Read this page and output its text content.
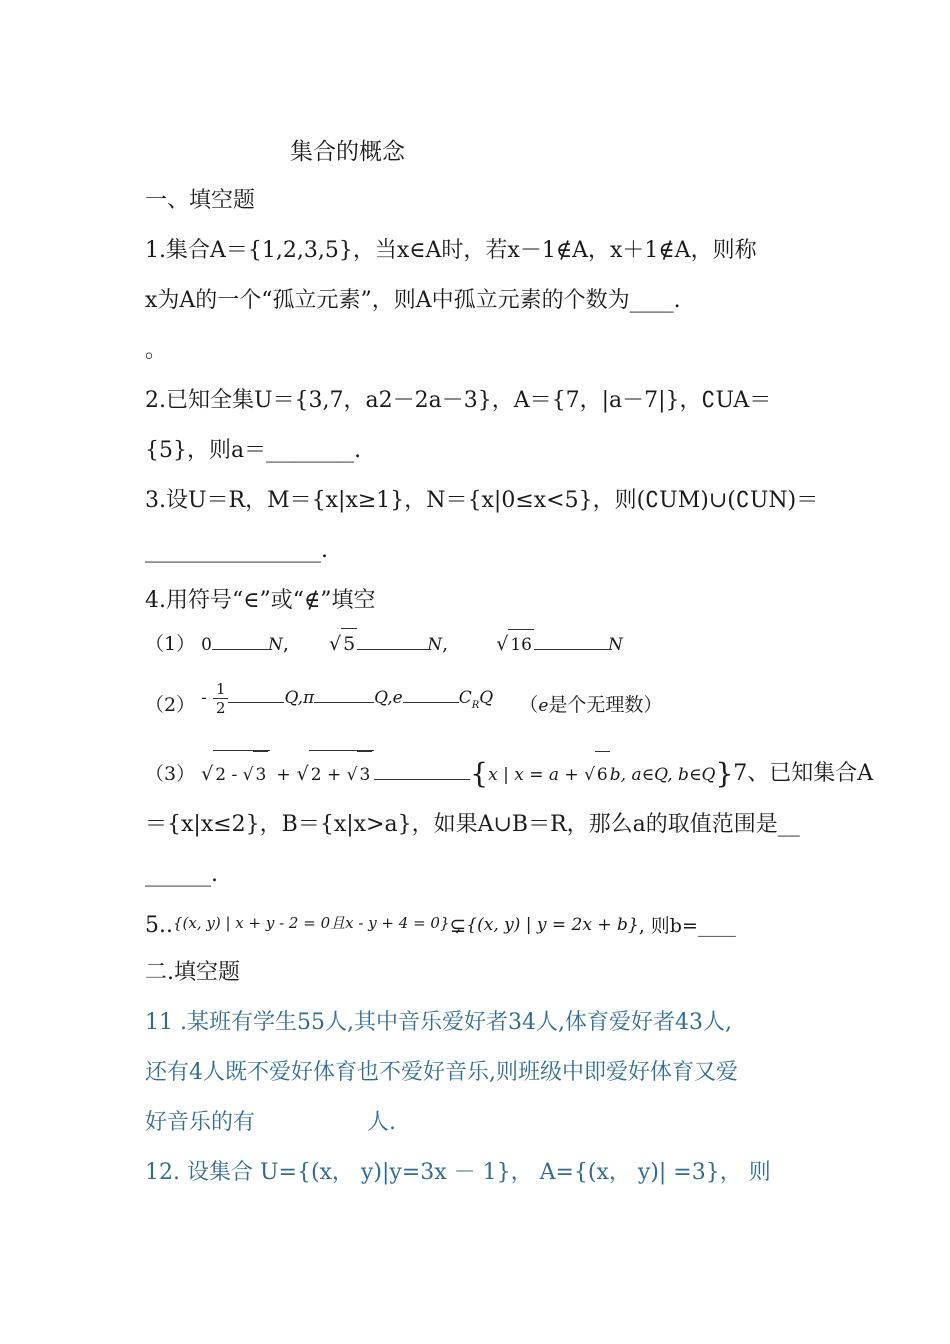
集合的概念
一、填空题
1.集合A＝{1,2,3,5}，当x∈A时，若x－1∉A，x＋1∉A，则称
x为A的一个“孤立元素”，则A中孤立元素的个数为____.
。
2.已知全集U＝{3,7，a2－2a－3}，A＝{7，|a－7|}，∁UA＝
{5}，则a＝________.
3.设U＝R，M＝{x|x≥1}，N＝{x|0≤x<5}，则(∁UM)∪(∁UN)＝
________________.
4.用符号“∈”或“∉”填空
（1） 0	N, √ 5	N,	√ 16	N
$(2) - \frac{1}{2}$	Q,π	Q,e	$C_RQ$ （e是个无理数）
（3） √ 2 - √ 3 + √ 2 + √ 3	{x | x = a + √ 6 b, a∈Q, b∈Q}7、已知集合A
＝{x|x≤2}，B＝{x|x>a}，如果A∪B＝R，那么a的取值范围是__
______.
5..$^{\{(x, y) | x + y - 2 = 0且x - y + 4 = 0\}}$⊊{(x, y) | y = 2x + b}, 则b=____
二.填空题
11 .某班有学生55人,其中音乐爱好者34人,体育爱好者43人,
还有4人既不爱好体育也不爱好音乐,则班级中即爱好体育又爱
好音乐的有	人.
12. 设集合 U={(x， y)|y=3x － 1}， A={(x， y)| =3}， 则
